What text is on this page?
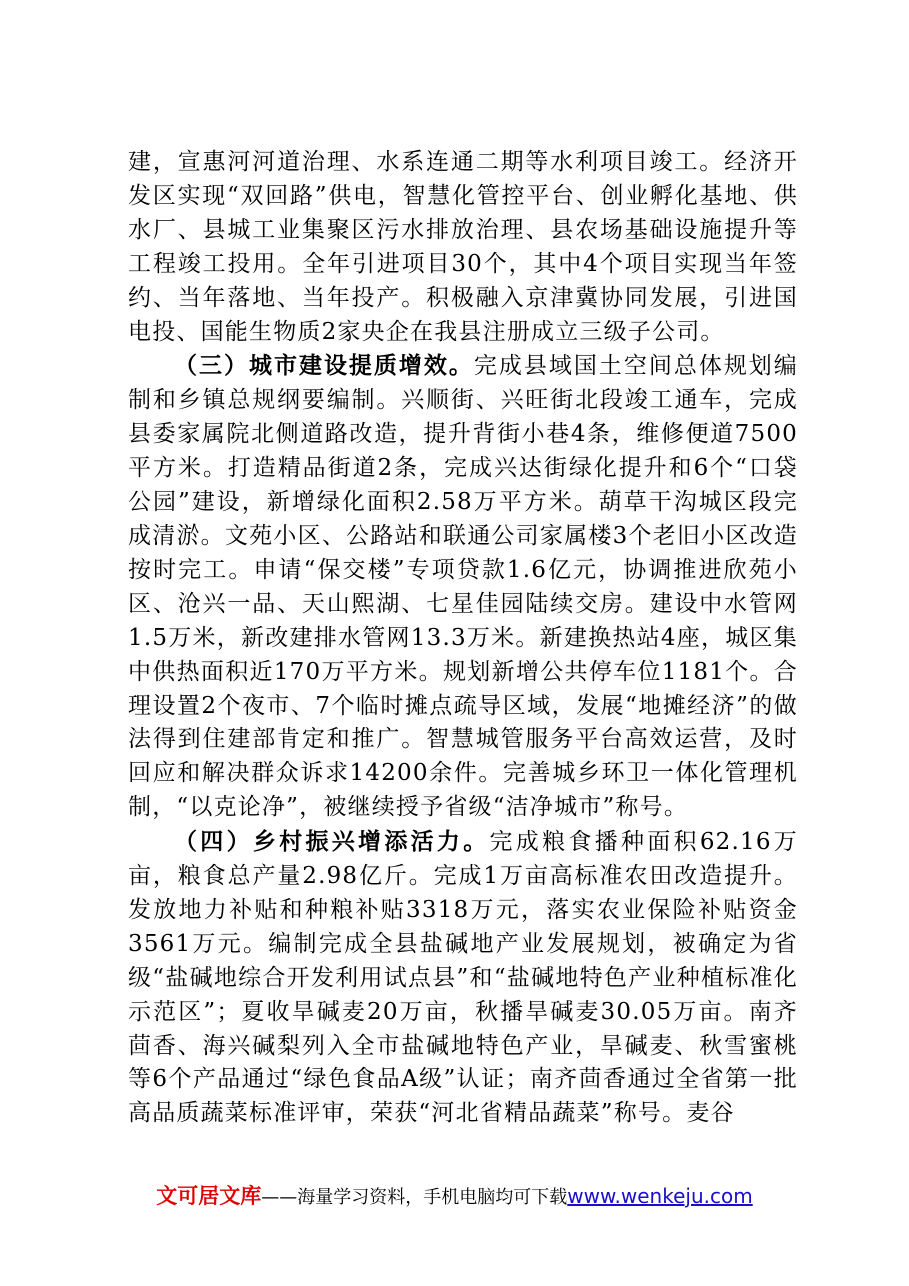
建，宣惠河河道治理、水系连通二期等水利项目竣工。经济开发区实现“双回路”供电，智慧化管控平台、创业孵化基地、供水厂、县城工业集聚区污水排放治理、县农场基础设施提升等工程竣工投用。全年引进项目30个，其中4个项目实现当年签约、当年落地、当年投产。积极融入京津冀协同发展，引进国电投、国能生物质2家央企在我县注册成立三级子公司。

（三）城市建设提质增效。完成县域国土空间总体规划编制和乡镇总规纲要编制。兴顺街、兴旺街北段竣工通车，完成县委家属院北侧道路改造，提升背街小巷4条，维修便道7500平方米。打造精品街道2条，完成兴达街绿化提升和6个“口袋公园”建设，新增绿化面积2.58万平方米。葫草干沟城区段完成清淤。文苑小区、公路站和联通公司家属楼3个老旧小区改造按时完工。申请“保交楼”专项贷款1.6亿元，协调推进欣苑小区、沧兴一品、天山熙湖、七星佳园陆续交房。建设中水管网1.5万米，新改建排水管网13.3万米。新建换热站4座，城区集中供热面积近170万平方米。规划新增公共停车位1181个。合理设置2个夜市、7个临时摊点疏导区域，发展“地摊经济”的做法得到住建部肯定和推广。智慧城管服务平台高效运营，及时回应和解决群众诉求14200余件。完善城乡环卫一体化管理机制，“以克论净”，被继续授予省级“洁净城市”称号。

（四）乡村振兴增添活力。完成粮食播种面积62.16万亩，粮食总产量2.98亿斤。完成1万亩高标准农田改造提升。发放地力补贴和种粮补贴3318万元，落实农业保险补贴资金3561万元。编制完成全县盐碱地产业发展规划，被确定为省级“盐碱地综合开发利用试点县”和“盐碱地特色产业种植标准化示范区”；夏收旱碱麦20万亩，秋播旱碱麦30.05万亩。南齐茴香、海兴碱梨列入全市盐碱地特色产业，旱碱麦、秋雪蜜桃等6个产品通过“绿色食品A级”认证；南齐茴香通过全省第一批高品质蔬菜标准评审，荣获“河北省精品蔬菜”称号。麦谷

文可居文库——海量学习资料，手机电脑均可下载www.wenkeju.com
